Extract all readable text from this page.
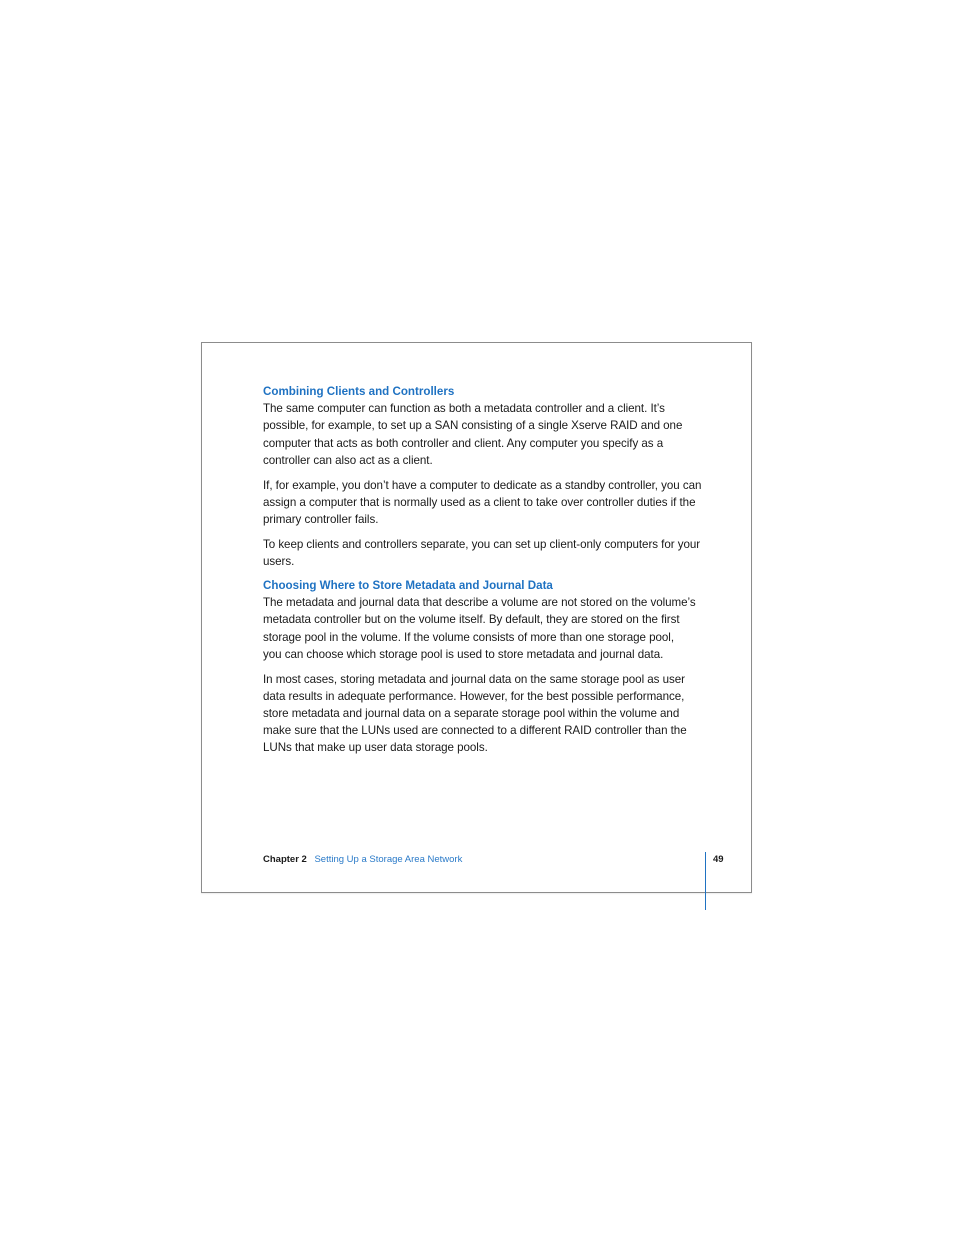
Combining Clients and Controllers

The same computer can function as both a metadata controller and a client. It’s
possible, for example, to set up a SAN consisting of a single Xserve RAID and one
computer that acts as both controller and client. Any computer you specify as a
controller can also act as a client.

If, for example, you don’t have a computer to dedicate as a standby controller, you can
assign a computer that is normally used as a client to take over controller duties if the
primary controller fails.

To keep clients and controllers separate, you can set up client-only computers for your
users.

Choosing Where to Store Metadata and Journal Data

The metadata and journal data that describe a volume are not stored on the volume’s
metadata controller but on the volume itself. By default, they are stored on the first
storage pool in the volume. If the volume consists of more than one storage pool,
you can choose which storage pool is used to store metadata and journal data.

In most cases, storing metadata and journal data on the same storage pool as user
data results in adequate performance. However, for the best possible performance,
store metadata and journal data on a separate storage pool within the volume and
make sure that the LUNs used are connected to a different RAID controller than the
LUNs that make up user data storage pools.

Chapter 2 Setting Up a Storage Area Network	49
